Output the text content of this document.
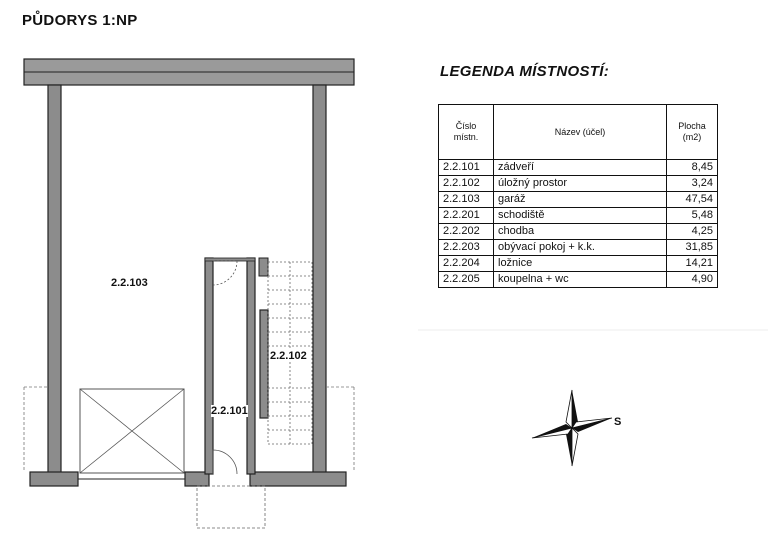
PŮDORYS 1:NP
2.2.103
2.2.102
2.2.101
LEGENDA MÍSTNOSTÍ:
Číslo místn.	Název (účel)	Plocha (m2)
2.2.101	zádveří	8,45
2.2.102	úložný prostor	3,24
2.2.103	garáž	47,54
2.2.201	schodiště	5,48
2.2.202	chodba	4,25
2.2.203	obývací pokoj + k.k.	31,85
2.2.204	ložnice	14,21
2.2.205	koupelna + wc	4,90
S
